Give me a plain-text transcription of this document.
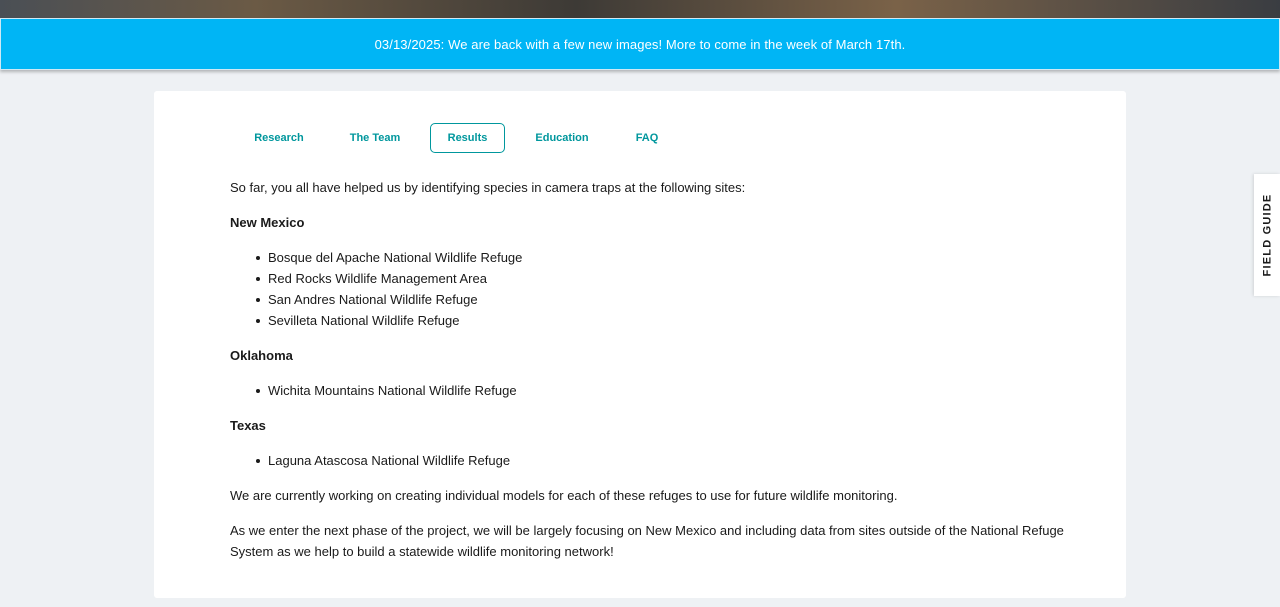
03/13/2025: We are back with a few new images! More to come in the week of March 17th.
Research	The Team	Results	Education	FAQ

So far, you all have helped us by identifying species in camera traps at the following sites:

New Mexico

Bosque del Apache National Wildlife Refuge
Red Rocks Wildlife Management Area
San Andres National Wildlife Refuge
Sevilleta National Wildlife Refuge

Oklahoma

Wichita Mountains National Wildlife Refuge

Texas

Laguna Atascosa National Wildlife Refuge

We are currently working on creating individual models for each of these refuges to use for future wildlife monitoring.

As we enter the next phase of the project, we will be largely focusing on New Mexico and including data from sites outside of the National Refuge System as we help to build a statewide wildlife monitoring network!

FIELD GUIDE
